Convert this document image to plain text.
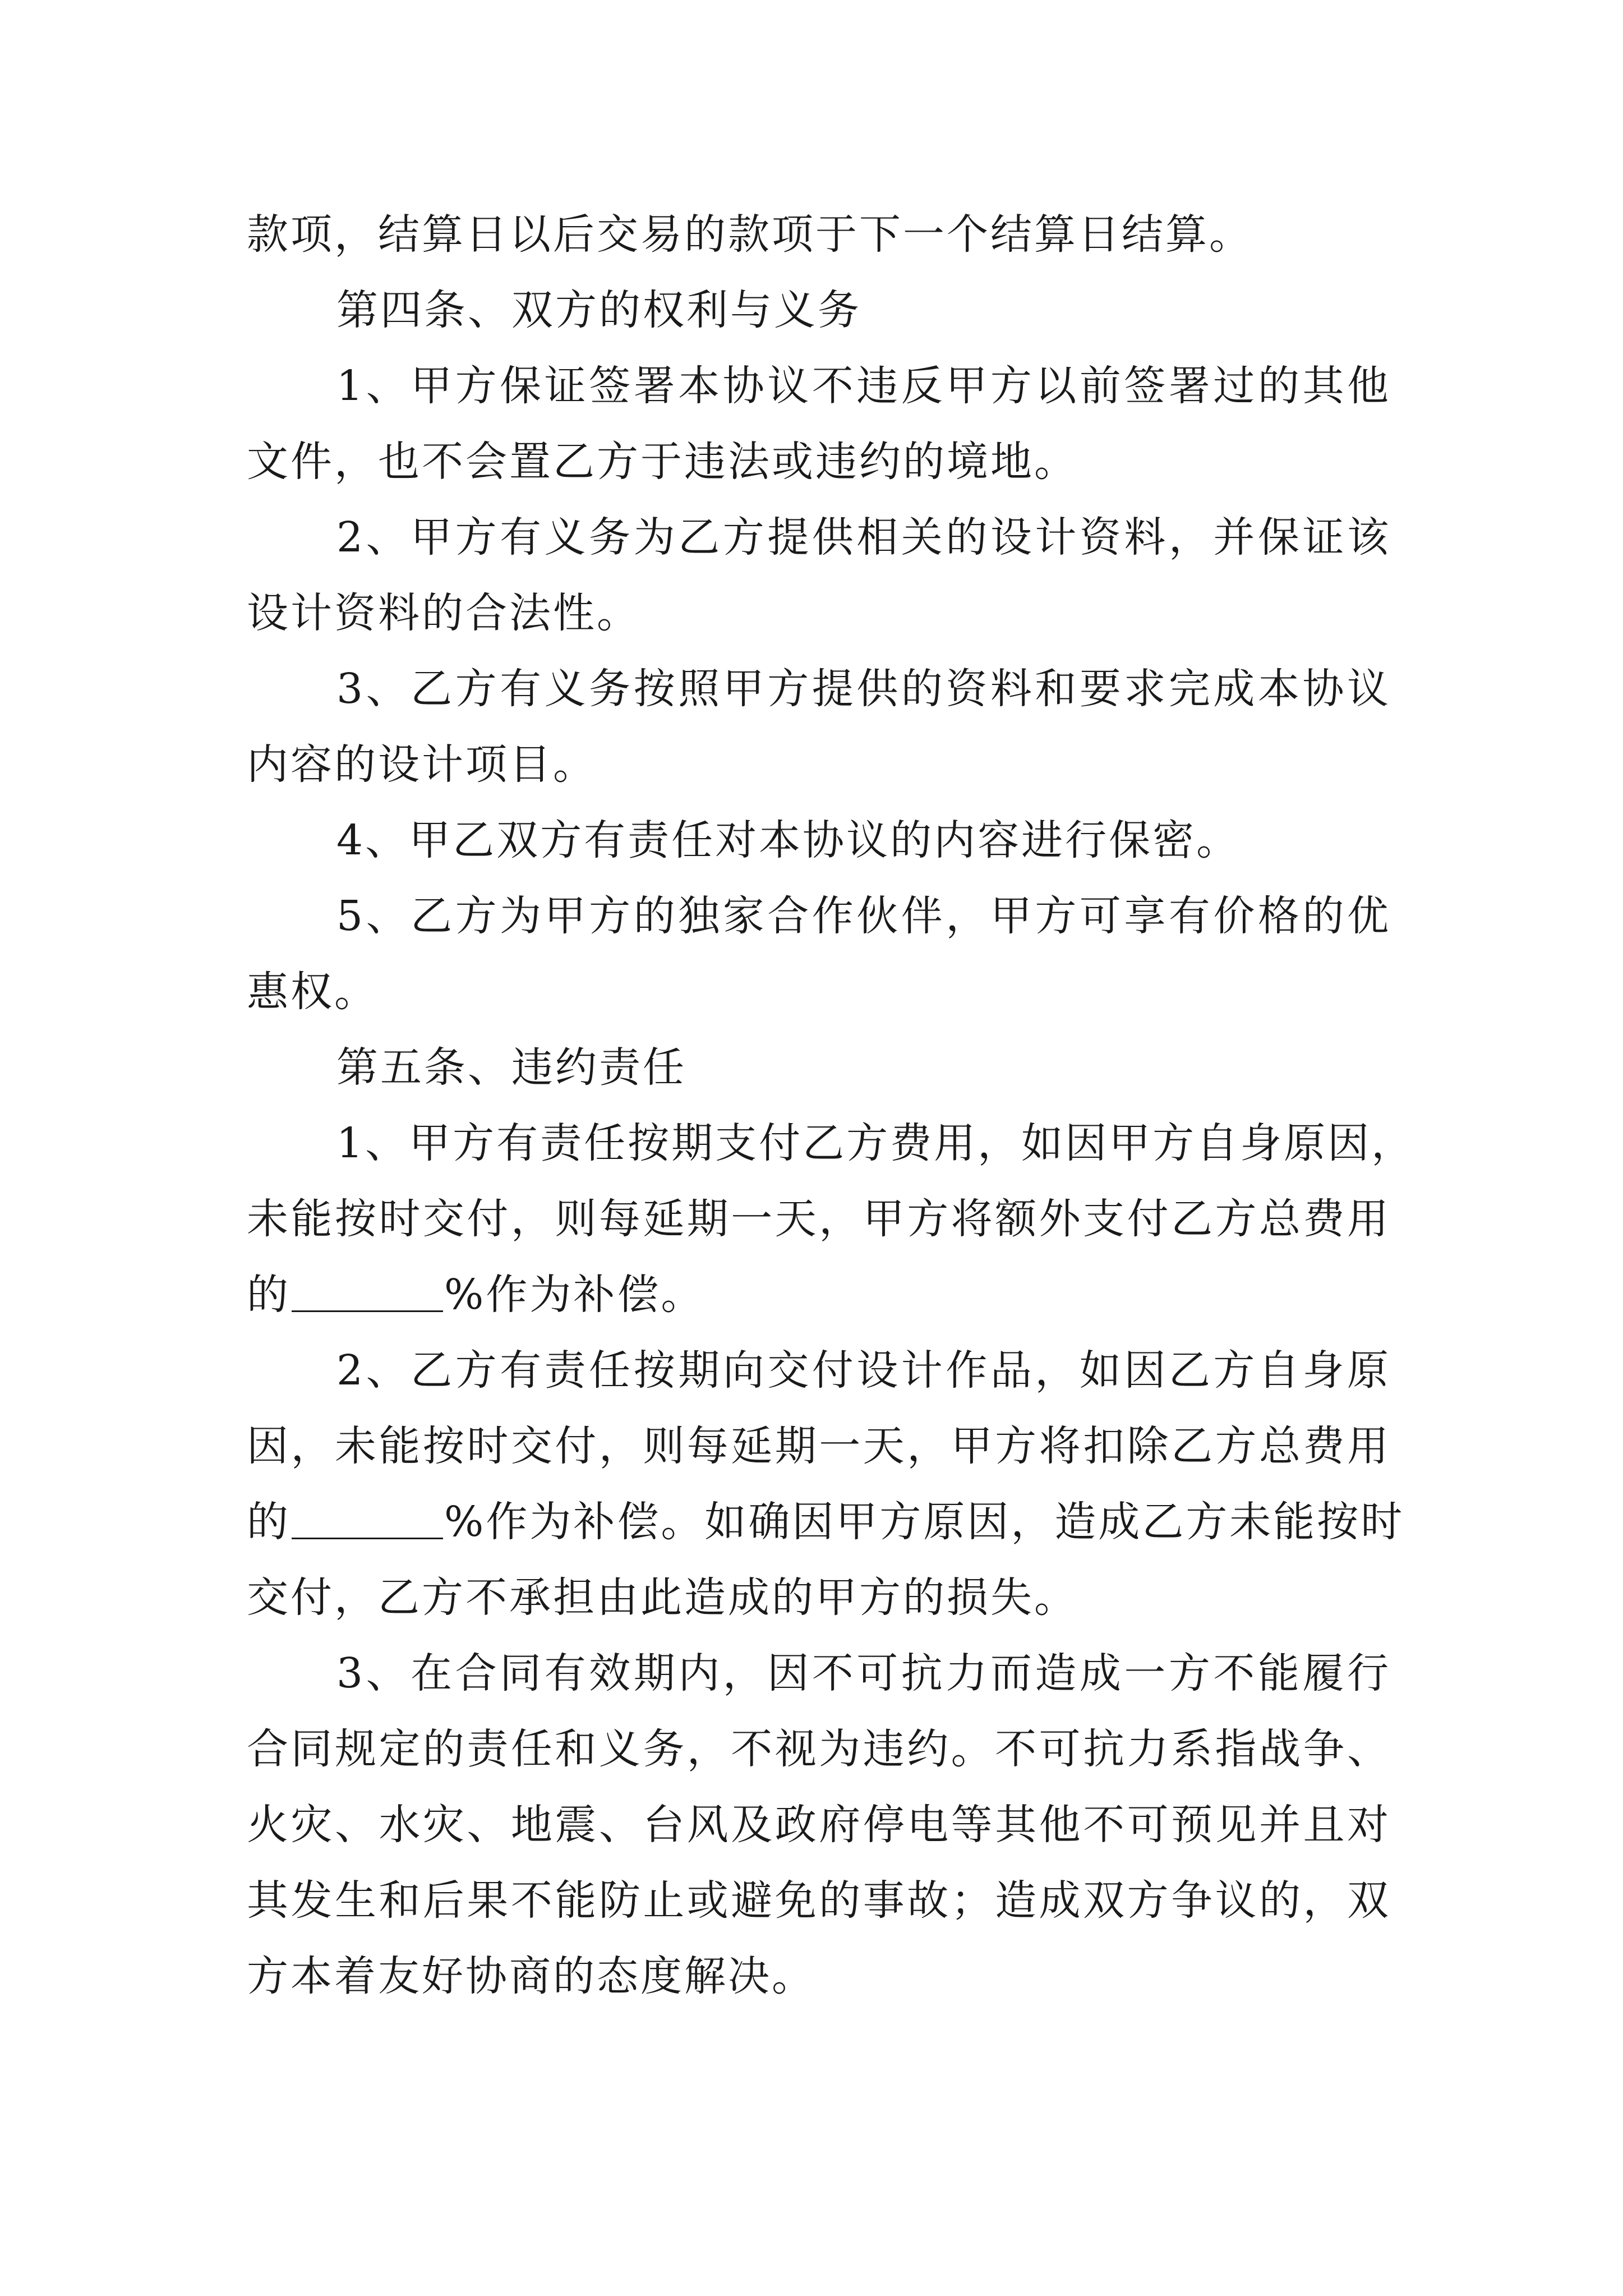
款项，结算日以后交易的款项于下一个结算日结算。
第四条、双方的权利与义务
1、甲方保证签署本协议不违反甲方以前签署过的其他
文件，也不会置乙方于违法或违约的境地。
2、甲方有义务为乙方提供相关的设计资料，并保证该
设计资料的合法性。
3、乙方有义务按照甲方提供的资料和要求完成本协议
内容的设计项目。
4、甲乙双方有责任对本协议的内容进行保密。
5、乙方为甲方的独家合作伙伴，甲方可享有价格的优
惠权。
第五条、违约责任
1、甲方有责任按期支付乙方费用，如因甲方自身原因，
未能按时交付，则每延期一天，甲方将额外支付乙方总费用
的	%作为补偿。
2、乙方有责任按期向交付设计作品，如因乙方自身原
因，未能按时交付，则每延期一天，甲方将扣除乙方总费用
的	%作为补偿。如确因甲方原因，造成乙方未能按时
交付，乙方不承担由此造成的甲方的损失。
3、在合同有效期内，因不可抗力而造成一方不能履行
合同规定的责任和义务，不视为违约。不可抗力系指战争、
火灾、水灾、地震、台风及政府停电等其他不可预见并且对
其发生和后果不能防止或避免的事故；造成双方争议的，双
方本着友好协商的态度解决。
